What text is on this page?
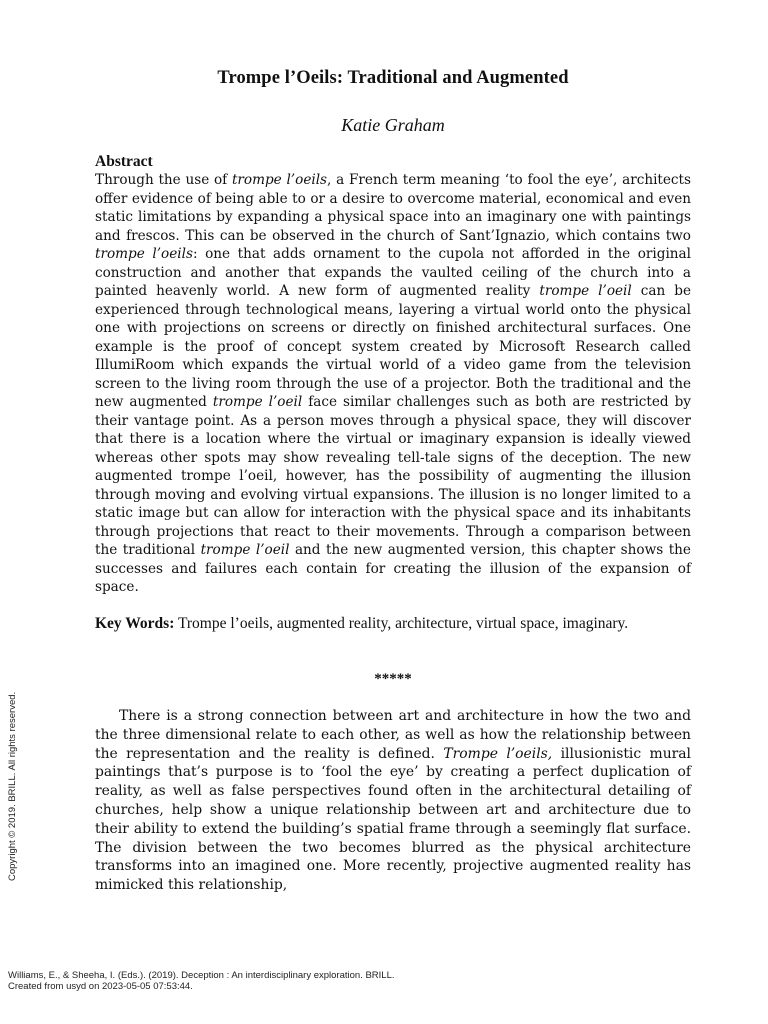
Trompe l’Oeils: Traditional and Augmented
Katie Graham
Abstract
Through the use of trompe l’oeils, a French term meaning ‘to fool the eye’, architects offer evidence of being able to or a desire to overcome material, economical and even static limitations by expanding a physical space into an imaginary one with paintings and frescos. This can be observed in the church of Sant’Ignazio, which contains two trompe l’oeils: one that adds ornament to the cupola not afforded in the original construction and another that expands the vaulted ceiling of the church into a painted heavenly world. A new form of augmented reality trompe l’oeil can be experienced through technological means, layering a virtual world onto the physical one with projections on screens or directly on finished architectural surfaces. One example is the proof of concept system created by Microsoft Research called IllumiRoom which expands the virtual world of a video game from the television screen to the living room through the use of a projector. Both the traditional and the new augmented trompe l’oeil face similar challenges such as both are restricted by their vantage point. As a person moves through a physical space, they will discover that there is a location where the virtual or imaginary expansion is ideally viewed whereas other spots may show revealing tell-tale signs of the deception. The new augmented trompe l’oeil, however, has the possibility of augmenting the illusion through moving and evolving virtual expansions. The illusion is no longer limited to a static image but can allow for interaction with the physical space and its inhabitants through projections that react to their movements. Through a comparison between the traditional trompe l’oeil and the new augmented version, this chapter shows the successes and failures each contain for creating the illusion of the expansion of space.
Key Words: Trompe l’oeils, augmented reality, architecture, virtual space, imaginary.
*****
There is a strong connection between art and architecture in how the two and the three dimensional relate to each other, as well as how the relationship between the representation and the reality is defined. Trompe l’oeils, illusionistic mural paintings that’s purpose is to ‘fool the eye’ by creating a perfect duplication of reality, as well as false perspectives found often in the architectural detailing of churches, help show a unique relationship between art and architecture due to their ability to extend the building’s spatial frame through a seemingly flat surface. The division between the two becomes blurred as the physical architecture transforms into an imagined one. More recently, projective augmented reality has mimicked this relationship,
Copyright © 2019. BRILL. All rights reserved.
Williams, E., & Sheeha, I. (Eds.). (2019). Deception : An interdisciplinary exploration. BRILL.
Created from usyd on 2023-05-05 07:53:44.
